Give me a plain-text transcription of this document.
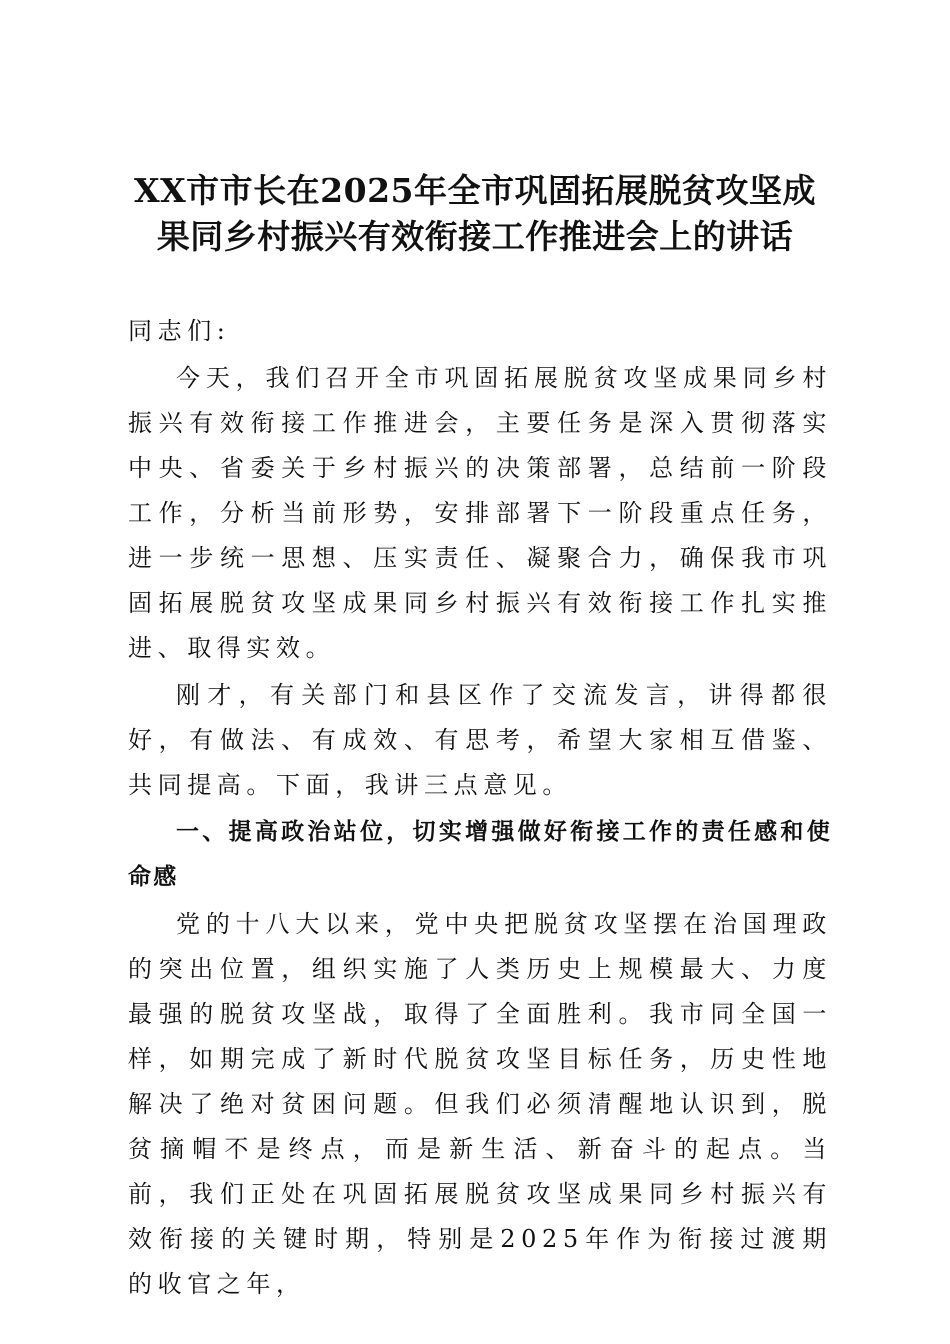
XX市市长在2025年全市巩固拓展脱贫攻坚成
果同乡村振兴有效衔接工作推进会上的讲话

同志们:

今天，我们召开全市巩固拓展脱贫攻坚成果同乡村振兴有效衔接工作推进会，主要任务是深入贯彻落实中央、省委关于乡村振兴的决策部署，总结前一阶段工作，分析当前形势，安排部署下一阶段重点任务，进一步统一思想、压实责任、凝聚合力，确保我市巩固拓展脱贫攻坚成果同乡村振兴有效衔接工作扎实推进、取得实效。

刚才，有关部门和县区作了交流发言，讲得都很好，有做法、有成效、有思考，希望大家相互借鉴、共同提高。下面，我讲三点意见。

一、提高政治站位，切实增强做好衔接工作的责任感和使命感

党的十八大以来，党中央把脱贫攻坚摆在治国理政的突出位置，组织实施了人类历史上规模最大、力度最强的脱贫攻坚战，取得了全面胜利。我市同全国一样，如期完成了新时代脱贫攻坚目标任务，历史性地解决了绝对贫困问题。但我们必须清醒地认识到，脱贫摘帽不是终点，而是新生活、新奋斗的起点。当前，我们正处在巩固拓展脱贫攻坚成果同乡村振兴有效衔接的关键时期，特别是2025年作为衔接过渡期的收官之年，
